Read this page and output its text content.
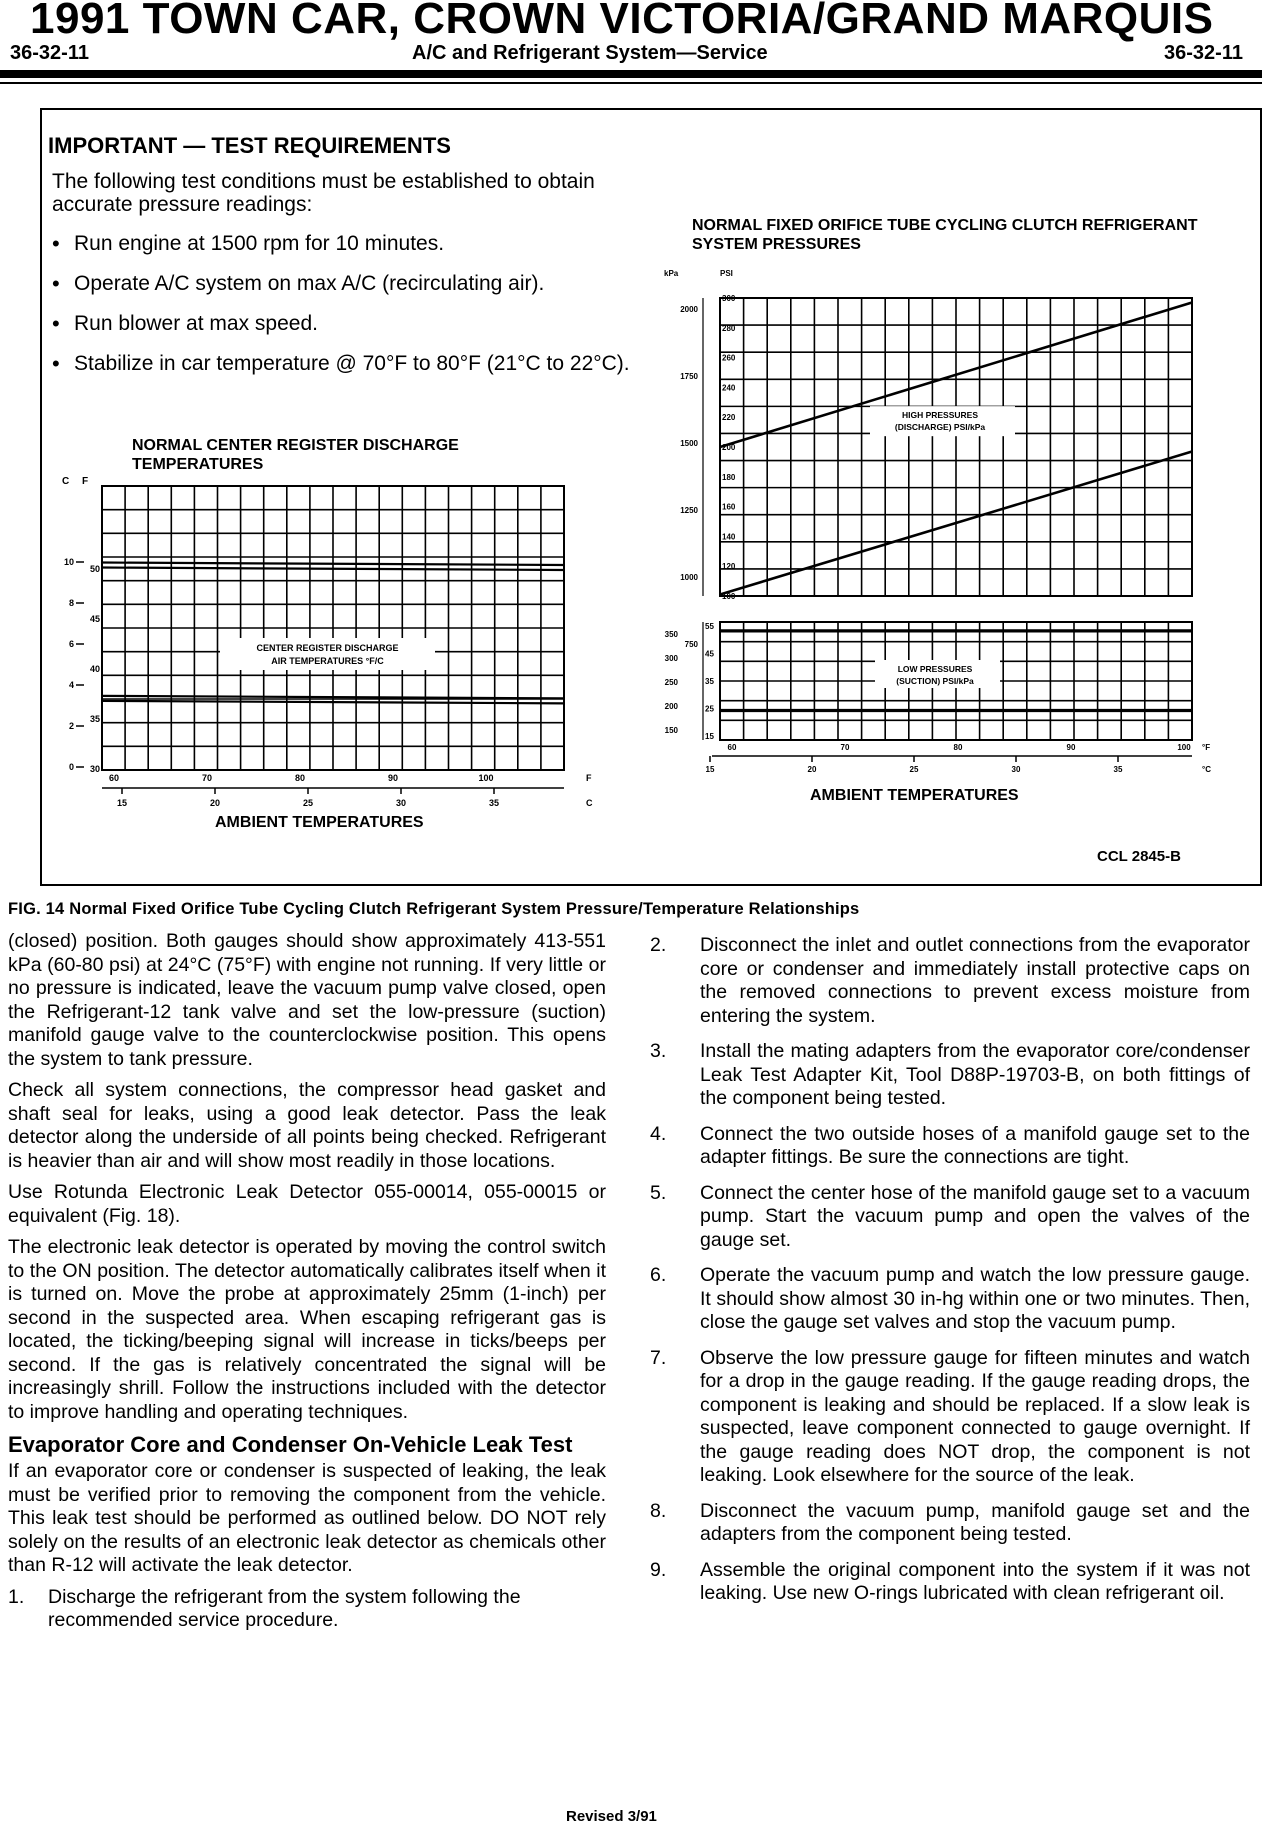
1991 TOWN CAR, CROWN VICTORIA/GRAND MARQUIS
36-32-11	A/C and Refrigerant System—Service	36-32-11
IMPORTANT — TEST REQUIREMENTS
The following test conditions must be established to obtain accurate pressure readings:
• Run engine at 1500 rpm for 10 minutes.
• Operate A/C system on max A/C (recirculating air).
• Run blower at max speed.
• Stabilize in car temperature @ 70°F to 80°F (21°C to 22°C).
NORMAL CENTER REGISTER DISCHARGE TEMPERATURES
CENTER REGISTER DISCHARGE
AIR TEMPERATURES °F/C
C F
10
8
6
4
2
0
50
45
40
35
30
60	70	80	90	100	F
15	20	25	30	35	C
AMBIENT TEMPERATURES
NORMAL FIXED ORIFICE TUBE CYCLING CLUTCH REFRIGERANT SYSTEM PRESSURES
HIGH PRESSURES
(DISCHARGE) PSI/kPa
LOW PRESSURES
(SUCTION) PSI/kPa
kPa	PSI
300
280
260
240
220
200
180
160
140
120
100
2000
1750
1500
1250
1000
750
55
45
35
25
15
350
300
250
200
150
60	70	80	90	100 °F
15	20	25	30	35	°C
AMBIENT TEMPERATURES
CCL 2845-B
FIG. 14 Normal Fixed Orifice Tube Cycling Clutch Refrigerant System Pressure/Temperature Relationships

(closed) position. Both gauges should show approximately 413-551 kPa (60-80 psi) at 24°C (75°F) with engine not running. If very little or no pressure is indicated, leave the vacuum pump valve closed, open the Refrigerant-12 tank valve and set the low-pressure (suction) manifold gauge valve to the counterclockwise position. This opens the system to tank pressure.

Check all system connections, the compressor head gasket and shaft seal for leaks, using a good leak detector. Pass the leak detector along the underside of all points being checked. Refrigerant is heavier than air and will show most readily in those locations.

Use Rotunda Electronic Leak Detector 055-00014, 055-00015 or equivalent (Fig. 18).

The electronic leak detector is operated by moving the control switch to the ON position. The detector automatically calibrates itself when it is turned on. Move the probe at approximately 25mm (1-inch) per second in the suspected area. When escaping refrigerant gas is located, the ticking/beeping signal will increase in ticks/beeps per second. If the gas is relatively concentrated the signal will be increasingly shrill. Follow the instructions included with the detector to improve handling and operating techniques.

Evaporator Core and Condenser On-Vehicle Leak Test

If an evaporator core or condenser is suspected of leaking, the leak must be verified prior to removing the component from the vehicle. This leak test should be performed as outlined below. DO NOT rely solely on the results of an electronic leak detector as chemicals other than R-12 will activate the leak detector.

1. Discharge the refrigerant from the system following the recommended service procedure.
2. Disconnect the inlet and outlet connections from the evaporator core or condenser and immediately install protective caps on the removed connections to prevent excess moisture from entering the system.
3. Install the mating adapters from the evaporator core/condenser Leak Test Adapter Kit, Tool D88P-19703-B, on both fittings of the component being tested.
4. Connect the two outside hoses of a manifold gauge set to the adapter fittings. Be sure the connections are tight.
5. Connect the center hose of the manifold gauge set to a vacuum pump. Start the vacuum pump and open the valves of the gauge set.
6. Operate the vacuum pump and watch the low pressure gauge. It should show almost 30 in-hg within one or two minutes. Then, close the gauge set valves and stop the vacuum pump.
7. Observe the low pressure gauge for fifteen minutes and watch for a drop in the gauge reading. If the gauge reading drops, the component is leaking and should be replaced. If a slow leak is suspected, leave component connected to gauge overnight. If the gauge reading does NOT drop, the component is not leaking. Look elsewhere for the source of the leak.
8. Disconnect the vacuum pump, manifold gauge set and the adapters from the component being tested.
9. Assemble the original component into the system if it was not leaking. Use new O-rings lubricated with clean refrigerant oil.
Revised 3/91
